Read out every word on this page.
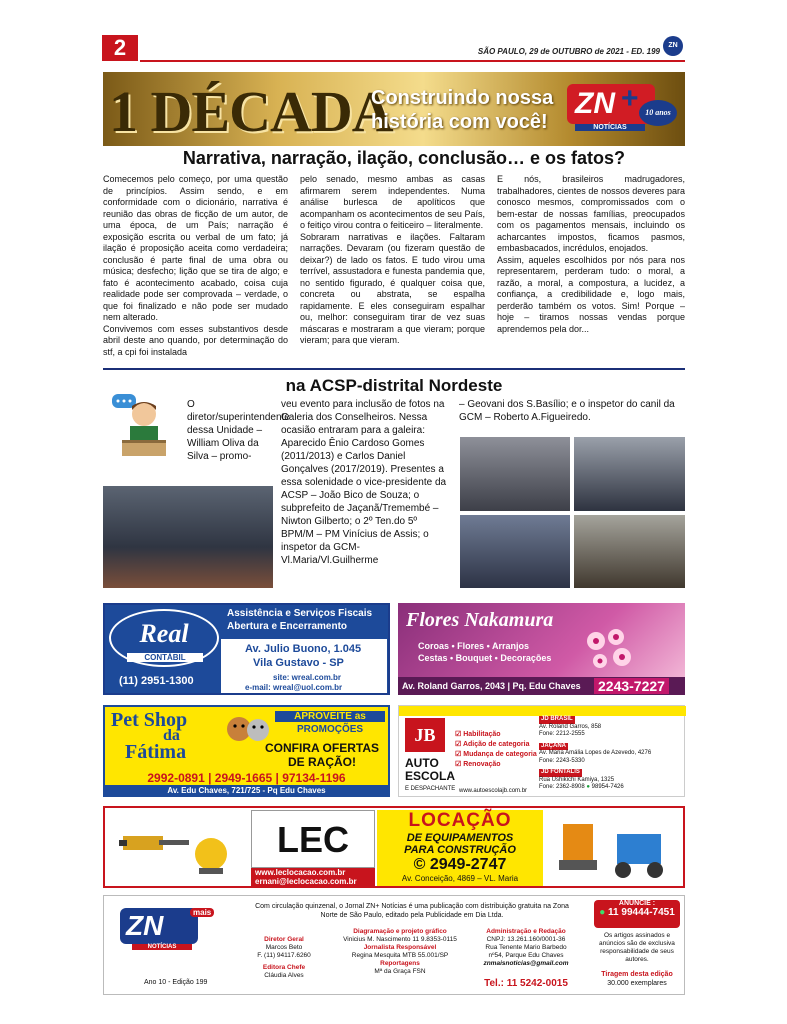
2	SÃO PAULO, 29 de OUTUBRO de 2021 - ED. 199
ZN
1 DÉCADA
Construindo nossa
história com você!
ZN + 10 anos
NOTÍCIAS
Narrativa, narração, ilação, conclusão… e os fatos?

Comecemos pelo começo, por uma questão de princípios. Assim sendo, e em conformidade com o dicionário, narrativa é reunião das obras de ficção de um autor, de uma época, de um País; narração é exposição escrita ou verbal de um fato; já ilação é proposição aceita como verdadeira; conclusão é parte final de uma obra ou música; desfecho; lição que se tira de algo; e fato é acontecimento acabado, coisa cuja realidade pode ser comprovada – verdade, o que foi finalizado e não pode ser mudado nem alterado.

Convivemos com esses substantivos desde abril deste ano quando, por determinação do stf, a cpi foi instalada

pelo senado, mesmo ambas as casas afirmarem serem independentes. Numa análise burlesca de apolíticos que acompanham os acontecimentos de seu País, o feitiço virou contra o feiticeiro – literalmente.

Sobraram narrativas e ilações. Faltaram narrações. Devaram (ou fizeram questão de deixar?) de lado os fatos. E tudo virou uma terrível, assustadora e funesta pandemia que, no sentido figurado, é qualquer coisa que, concreta ou abstrata, se espalha rapidamente. E eles conseguiram espalhar ou, melhor: conseguiram tirar de vez suas máscaras e mostraram a que vieram; porque vieram; para que vieram.

E nós, brasileiros madrugadores, trabalhadores, cientes de nossos deveres para conosco mesmos, compromissados com o bem-estar de nossas famílias, preocupados com os pagamentos mensais, incluindo os acharcantes impostos, ficamos pasmos, embasbacados, incrédulos, enojados.

Assim, aqueles escolhidos por nós para nos representarem, perderam tudo: o moral, a razão, a moral, a compostura, a lucidez, a confiança, a credibilidade e, logo mais, perderão também os votos. Sim! Porque – hoje – tiramos nossas vendas porque aprendemos pela dor...

na ACSP-distrital Nordeste
O diretor/superintendente dessa Unidade – William Oliva da Silva – promo-
veu evento para inclusão de fotos na Galeria dos Conselheiros. Nessa ocasião entraram para a galeira: Aparecido Ênio Cardoso Gomes (2011/2013) e Carlos Daniel Gonçalves (2017/2019). Presentes a essa solenidade o vice-presidente da ACSP – João Bico de Souza; o subprefeito de Jaçanã/Tremembé – Niwton Gilberto; o 2º Ten.do 5º BPM/M – PM Vinícius de Assis; o inspetor da GCM-Vl.Maria/Vl.Guilherme
– Geovani dos S.Basílio; e o inspetor do canil da GCM – Roberto A.Figueiredo.
Real
CONTÁBIL
(11) 2951-1300
Assistência e Serviços Fiscais
Abertura e Encerramento
Av. Julio Buono, 1.045
Vila Gustavo - SP
site: wreal.com.br
e-mail: wreal@uol.com.br
Flores Nakamura
Coroas • Flores • Arranjos
Cestas • Bouquet • Decorações
Av. Roland Garros, 2043 | Pq. Edu Chaves 2243-7227
Pet Shop
da
Fátima
APROVEITE as
PROMOÇÕES
CONFIRA OFERTAS
DE RAÇÃO!
2992-0891 | 2949-1665 | 97134-1196
Av. Edu Chaves, 721/725 - Pq Edu Chaves
JB
AUTO
ESCOLA
E DESPACHANTE
☑ Habilitação
☑ Adição de categoria
☑ Mudança de categoria
☑ Renovação
www.autoescolajb.com.br
JD BRASIL
Av. Roland Garros, 858
Fone: 2212-2555
JAÇANÃ
Av. Maria Amália Lopes de Azevedo, 4276
Fone: 2243-5330
JD FONTALIS
Rua Ushikichi Kamiya, 1325
Fone: 2362-8908 ● 98954-7426
LEC
www.leclocacao.com.br
ernani@leclocacao.com.br
LOCAÇÃO
DE EQUIPAMENTOS
PARA CONSTRUÇÃO
© 2949-2747
Av. Conceição, 4869 – VL. Maria
ZN	mais
NOTÍCIAS
Com circulação quinzenal, o Jornal ZN+ Notícias é uma publicação com distribuição gratuita na Zona Norte de São Paulo, editado pela Publicidade em Dia Ltda.
Diretor Geral
Marcos Beto
F. (11) 94117.6260
Editora Chefe
Cláudia Alves
Diagramação e projeto gráfico
Vinicius M. Nascimento 11 9.8353-0115
Jornalista Responsável
Regina Mesquita MTB 55.001/SP
Reportagens
Mª da Graça FSN
Administração e Redação
CNPJ: 13.261.160/0001-36
Rua Tenente Mario Barbedo
nº54, Parque Edu Chaves
znmaisnoticias@gmail.com
Tel.: 11 5242-0015
ANUNCIE :
● 11 99444-7451
Os artigos assinados e anúncios são de exclusiva responsabilidade de seus autores.
Tiragem desta edição
30.000 exemplares
Ano 10 - Edição 199
